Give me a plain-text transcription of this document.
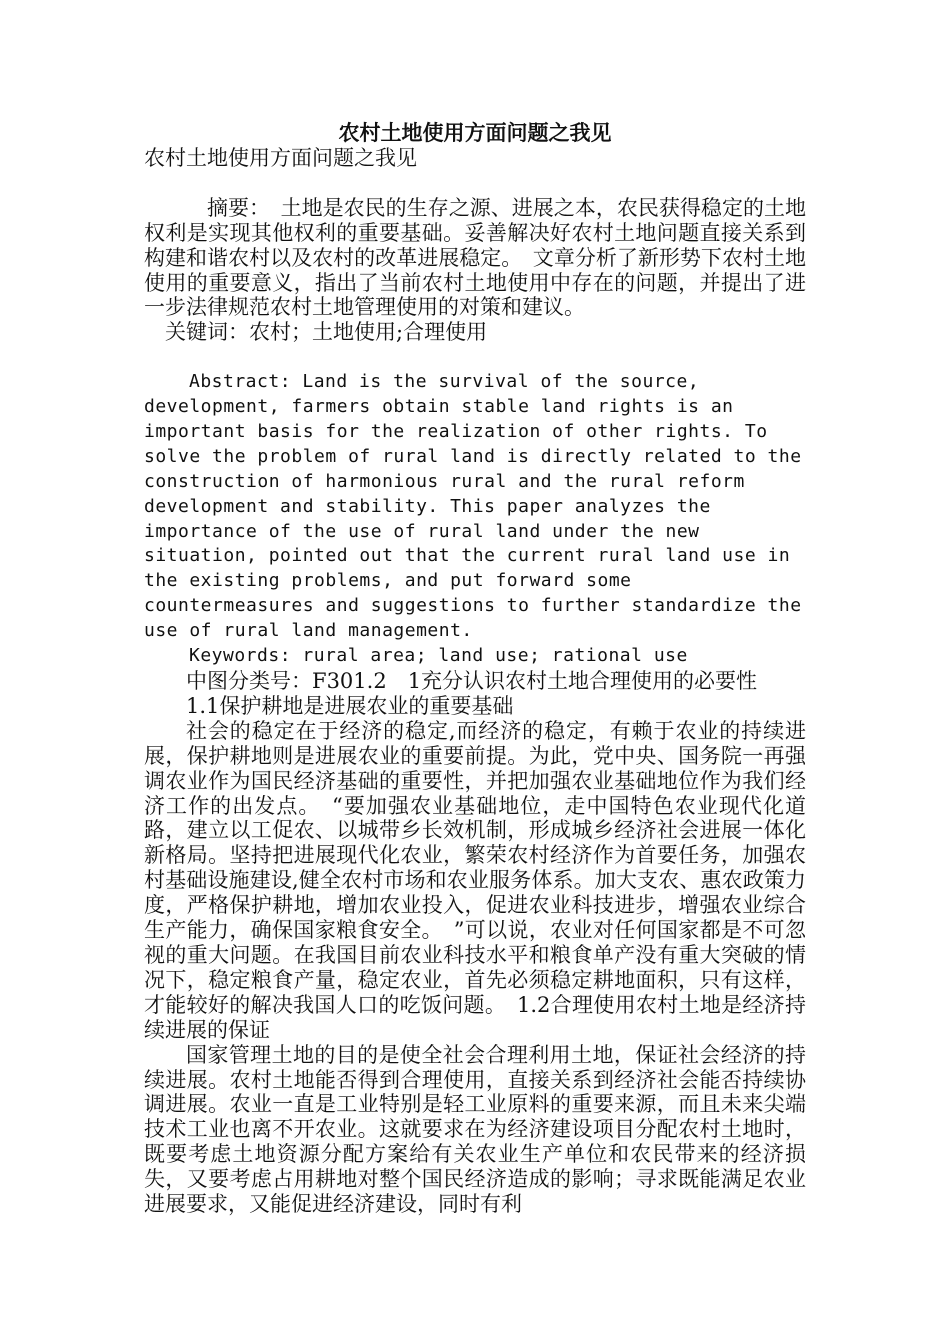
农村土地使用方面问题之我见

农村土地使用方面问题之我见

摘要：　土地是农民的生存之源、进展之本，农民获得稳定的土地权利是实现其他权利的重要基础。妥善解决好农村土地问题直接关系到构建和谐农村以及农村的改革进展稳定。　文章分析了新形势下农村土地使用的重要意义，指出了当前农村土地使用中存在的问题，并提出了进一步法律规范农村土地管理使用的对策和建议。

关键词：农村；土地使用;合理使用

Abstract: Land is the survival of the source, development, farmers obtain stable land rights is an important basis for the realization of other rights. To solve the problem of rural land is directly related to the construction of harmonious rural and the rural reform development and stability. This paper analyzes the importance of the use of rural land under the new situation, pointed out that the current rural land use in the existing problems, and put forward some countermeasures and suggestions to further standardize the use of rural land management.

Keywords: rural area; land use; rational use

中图分类号：F301.2　1充分认识农村土地合理使用的必要性

1.1保护耕地是进展农业的重要基础

社会的稳定在于经济的稳定,而经济的稳定，有赖于农业的持续进展，保护耕地则是进展农业的重要前提。为此，党中央、国务院一再强调农业作为国民经济基础的重要性，并把加强农业基础地位作为我们经济工作的出发点。　“要加强农业基础地位，走中国特色农业现代化道路，建立以工促农、以城带乡长效机制，形成城乡经济社会进展一体化新格局。坚持把进展现代化农业，繁荣农村经济作为首要任务，加强农村基础设施建设,健全农村市场和农业服务体系。加大支农、惠农政策力度，严格保护耕地，增加农业投入，促进农业科技进步，增强农业综合生产能力，确保国家粮食安全。　”可以说，农业对任何国家都是不可忽视的重大问题。在我国目前农业科技水平和粮食单产没有重大突破的情况下，稳定粮食产量，稳定农业，首先必须稳定耕地面积，只有这样，才能较好的解决我国人口的吃饭问题。　1.2合理使用农村土地是经济持续进展的保证

国家管理土地的目的是使全社会合理利用土地，保证社会经济的持续进展。农村土地能否得到合理使用，直接关系到经济社会能否持续协调进展。农业一直是工业特别是轻工业原料的重要来源，而且未来尖端技术工业也离不开农业。这就要求在为经济建设项目分配农村土地时，既要考虑土地资源分配方案给有关农业生产单位和农民带来的经济损失，又要考虑占用耕地对整个国民经济造成的影响；寻求既能满足农业进展要求，又能促进经济建设，同时有利
